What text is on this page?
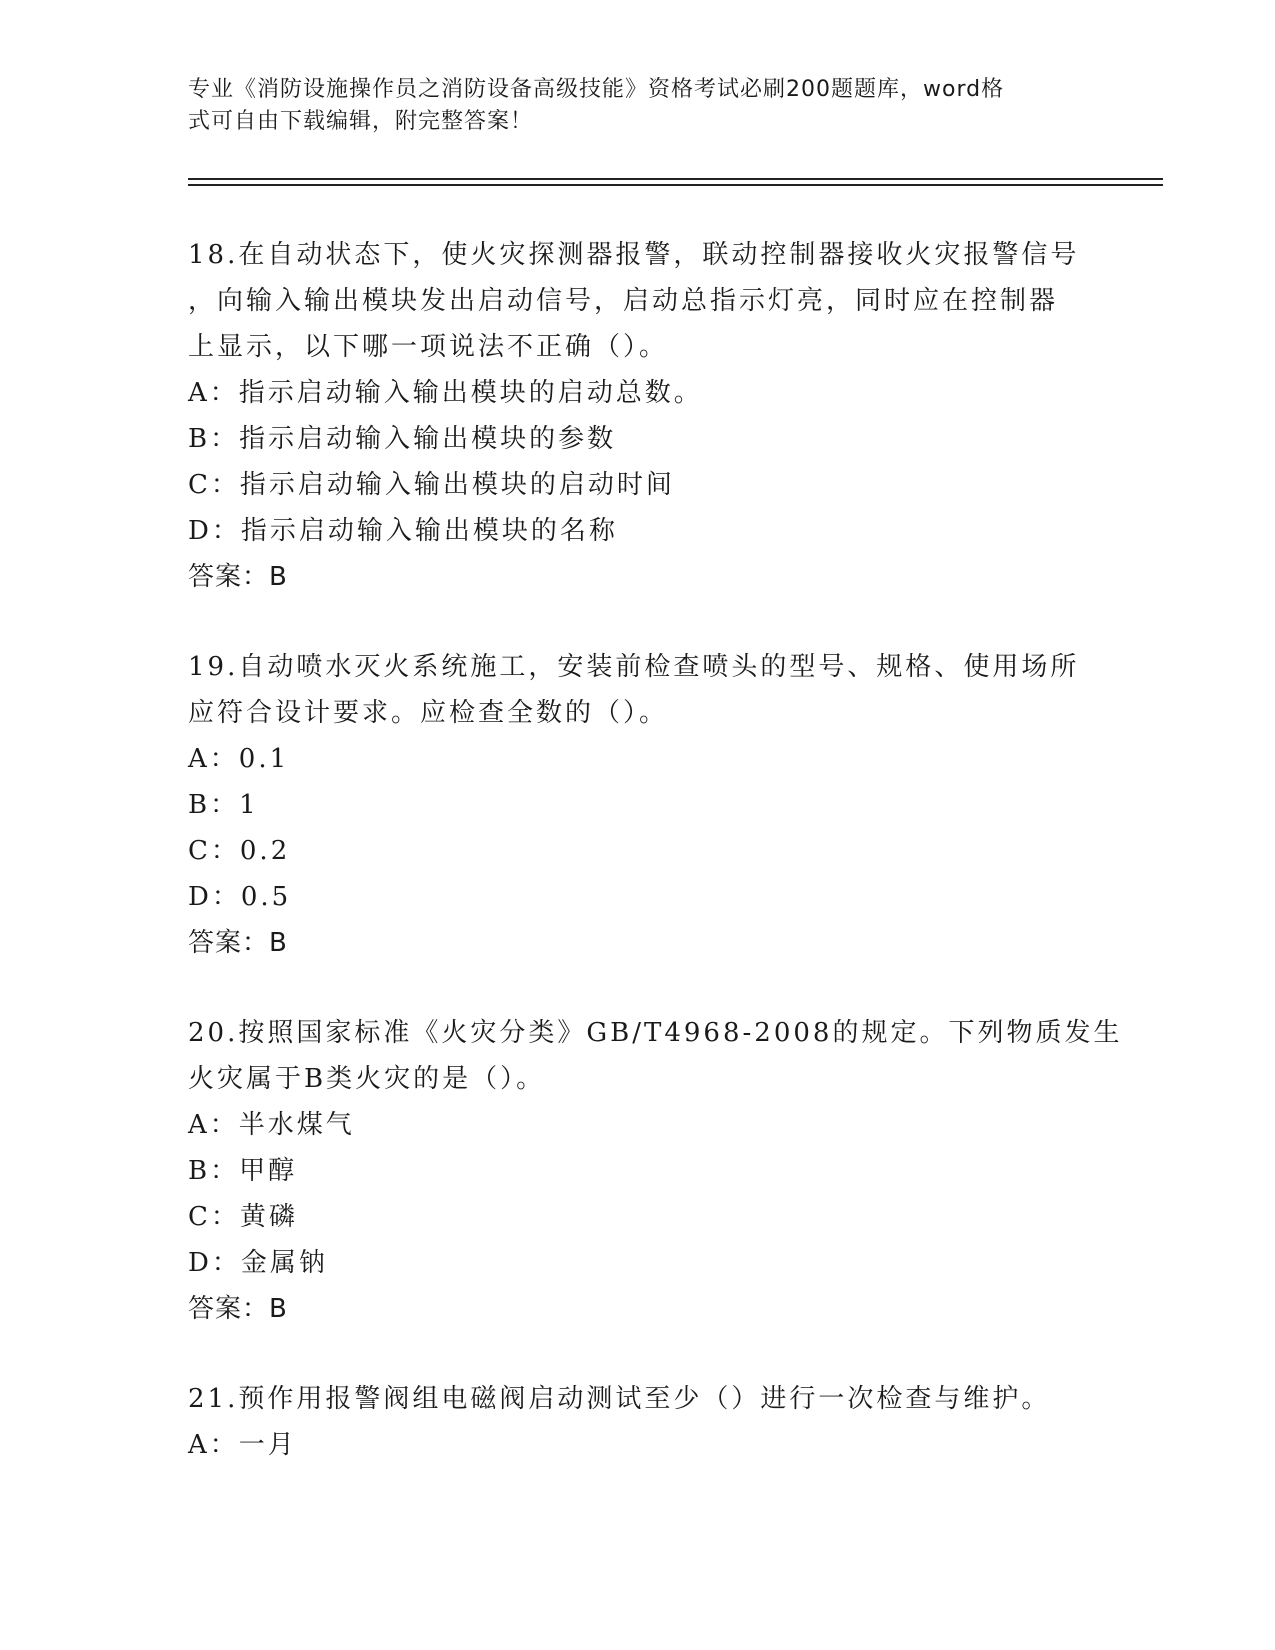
专业《消防设施操作员之消防设备高级技能》资格考试必刷200题题库，word格
式可自由下载编辑，附完整答案！
18.在自动状态下，使火灾探测器报警，联动控制器接收火灾报警信号
，向输入输出模块发出启动信号，启动总指示灯亮，同时应在控制器
上显示，以下哪一项说法不正确（）。
A：指示启动输入输出模块的启动总数。
B：指示启动输入输出模块的参数
C：指示启动输入输出模块的启动时间
D：指示启动输入输出模块的名称
答案：B
19.自动喷水灭火系统施工，安装前检查喷头的型号、规格、使用场所
应符合设计要求。应检查全数的（）。
A：0.1
B：1
C：0.2
D：0.5
答案：B
20.按照国家标准《火灾分类》GB/T4968-2008的规定。下列物质发生
火灾属于B类火灾的是（）。
A：半水煤气
B：甲醇
C：黄磷
D：金属钠
答案：B
21.预作用报警阀组电磁阀启动测试至少（）进行一次检查与维护。
A：一月
